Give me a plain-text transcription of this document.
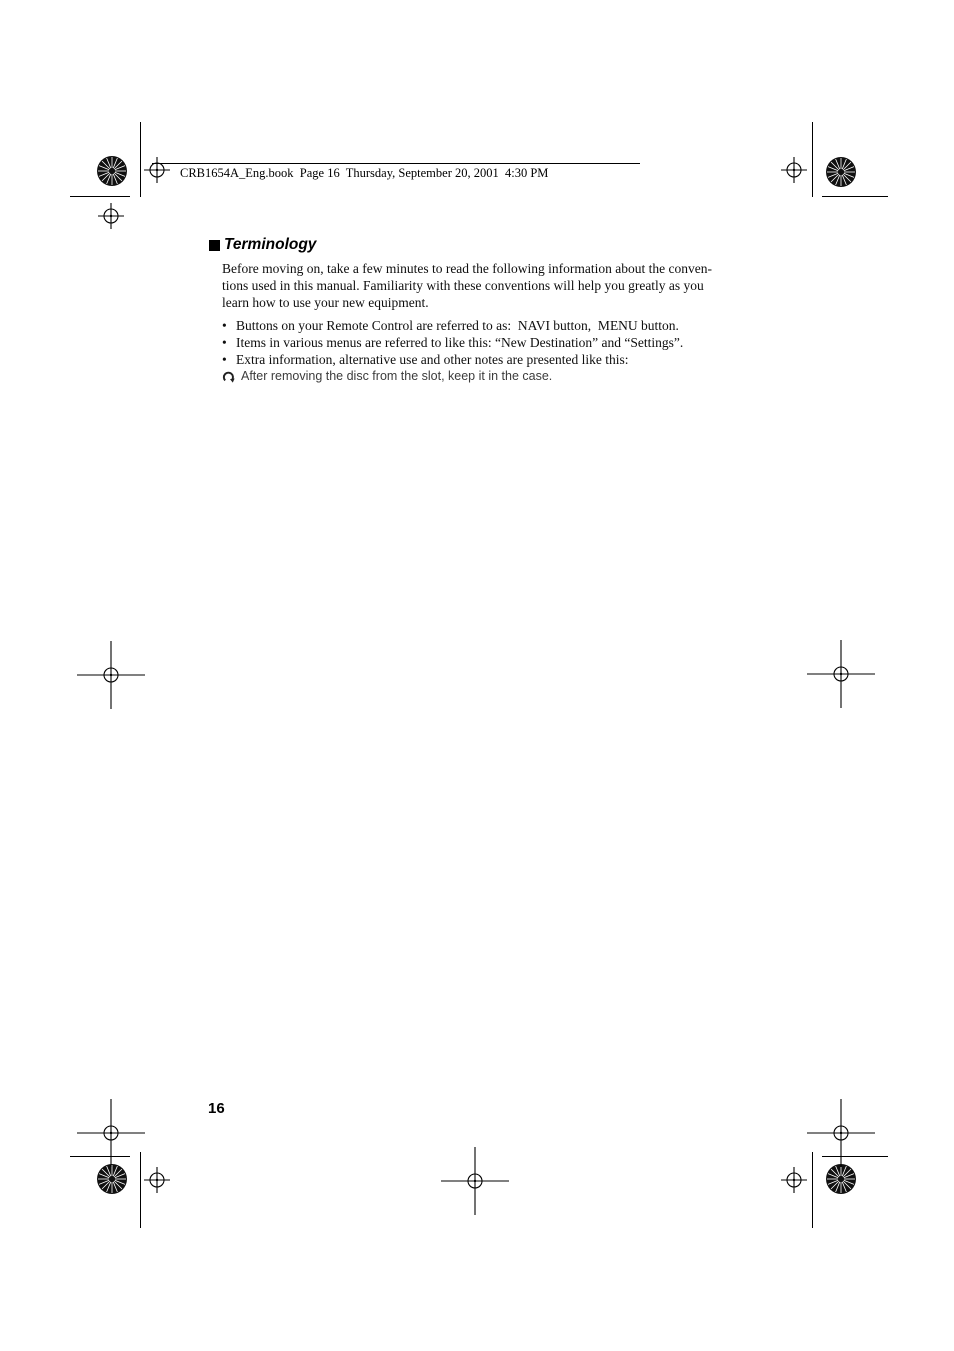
CRB1654A_Eng.book  Page 16  Thursday, September 20, 2001  4:30 PM
Terminology
Before moving on, take a few minutes to read the following information about the conven-
tions used in this manual. Familiarity with these conventions will help you greatly as you
learn how to use your new equipment.
• Buttons on your Remote Control are referred to as:  NAVI button,  MENU button.
• Items in various menus are referred to like this: “New Destination” and “Settings”.
• Extra information, alternative use and other notes are presented like this:
After removing the disc from the slot, keep it in the case.
16
